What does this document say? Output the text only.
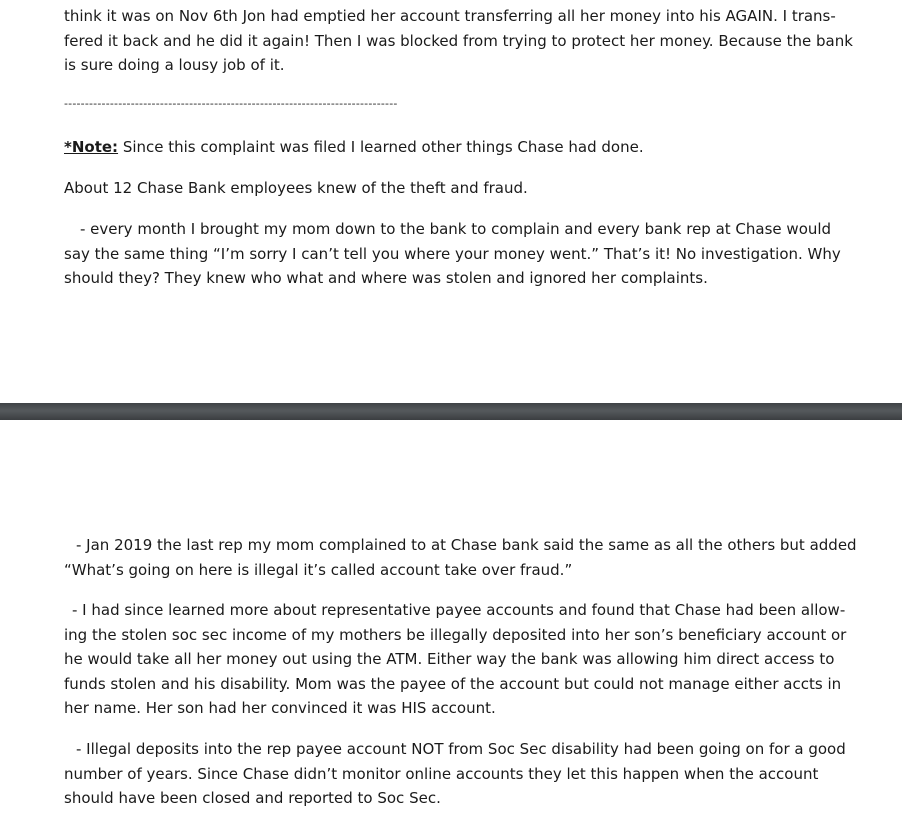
think it was on Nov 6th Jon had emptied her account transferring all her money into his AGAIN. I trans-
fered it back and he did it again! Then I was blocked from trying to protect her money. Because the bank
is sure doing a lousy job of it.

--------------------------------------------------------------------------------

*Note: Since this complaint was filed I learned other things Chase had done.

About 12 Chase Bank employees knew of the theft and fraud.

- every month I brought my mom down to the bank to complain and every bank rep at Chase would
say the same thing “I’m sorry I can’t tell you where your money went.” That’s it! No investigation. Why
should they? They knew who what and where was stolen and ignored her complaints.

- Jan 2019 the last rep my mom complained to at Chase bank said the same as all the others but added
“What’s going on here is illegal it’s called account take over fraud.”

- I had since learned more about representative payee accounts and found that Chase had been allow-
ing the stolen soc sec income of my mothers be illegally deposited into her son’s beneficiary account or
he would take all her money out using the ATM. Either way the bank was allowing him direct access to
funds stolen and his disability. Mom was the payee of the account but could not manage either accts in
her name. Her son had her convinced it was HIS account.

- Illegal deposits into the rep payee account NOT from Soc Sec disability had been going on for a good
number of years. Since Chase didn’t monitor online accounts they let this happen when the account
should have been closed and reported to Soc Sec.
